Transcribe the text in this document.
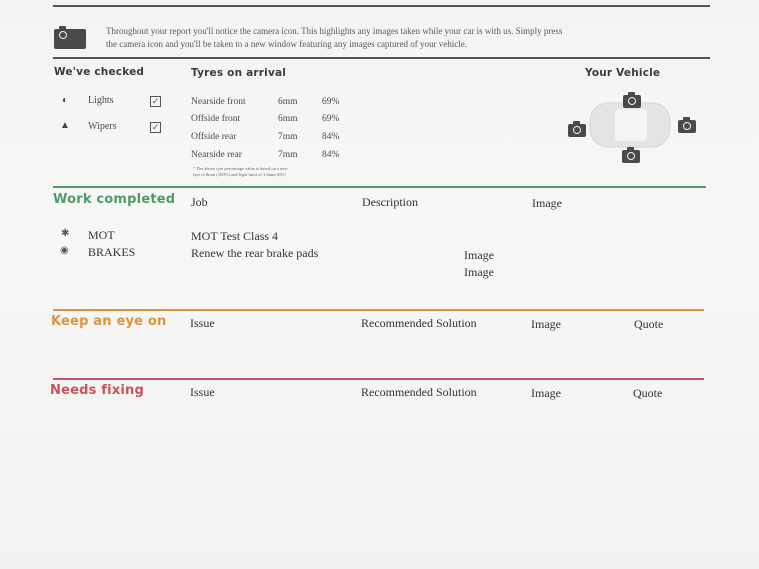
Throughout your report you'll notice the camera icon. This highlights any images taken while your car is with us. Simply press
the camera icon and you'll be taken to a new window featuring any images captured of your vehicle.
We've checked
◐ Lights	✓
▲ Wipers	✓
Tyres on arrival
Nearside front	6mm	69%
Offside front	6mm	69%
Offside rear	7mm	84%
Nearside rear	7mm	84%
* The above tyre percentage value is based on a new
tyre of 8mm (100%) and legal limit of 1.6mm (0%)
Your Vehicle
Work completed Job	Description	Image
✱ MOT	MOT Test Class 4
◉ BRAKES	Renew the rear brake pads	Image
Image
Keep an eye on Issue	Recommended Solution	Image	Quote
Needs fixing	Issue	Recommended Solution	Image	Quote
